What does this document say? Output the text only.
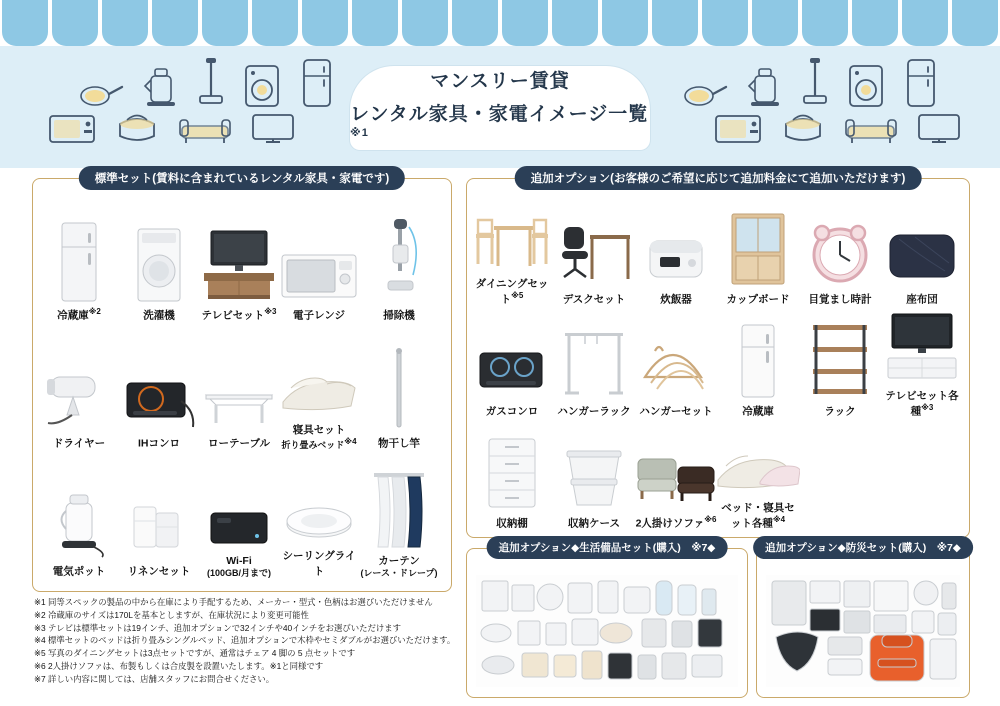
マンスリー賃貸
レンタル家具・家電イメージ一覧$^{※1}$
標準セット(賃料に含まれているレンタル家具・家電です)
冷蔵庫$^{※2}$	洗濯機	テレビセット$^{※3}$ 電子レンジ	掃除機
ドライヤー	IHコンロ	ローテーブル
寝具セット
折り畳みベッド※4 物干し竿
電気ポット リネンセット
Wi-Fi
(100GB/月まで)
シーリングライト
カーテン
(レース・ドレープ)
追加オプション(お客様のご希望に応じて追加料金にて追加いただけます)
ダイニングセット$^{※5}$	デスクセット	炊飯器	カップボード 目覚まし時計	座布団
ガスコンロ ハンガーラック ハンガーセット	冷蔵庫	ラック
テレビセット各種$^{※3}$
収納棚	収納ケース 2人掛けソファ$^{※6}$
ベッド・寝具セット各種$^{※4}$
追加オプション◆生活備品セット(購入)　※7◆	追加オプション◆防災セット(購入)　※7◆
※1 同等スペックの製品の中から在庫により手配するため、メーカー・型式・色柄はお選びいただけません
※2 冷蔵庫のサイズは170Lを基本としますが、在庫状況により変更可能性
※3 テレビは標準セットは19インチ、追加オプションで32インチや40インチをお選びいただけます
※4 標準セットのベッドは折り畳みシングルベッド、追加オプションで木枠やセミダブルがお選びいただけます。
※5 写真のダイニングセットは3点セットですが、通常はチェア 4 脚の 5 点セットです
※6 2人掛けソファは、布製もしくは合皮製を設置いたします。※1と同様です
※7 詳しい内容に関しては、店舗スタッフにお問合せください。
